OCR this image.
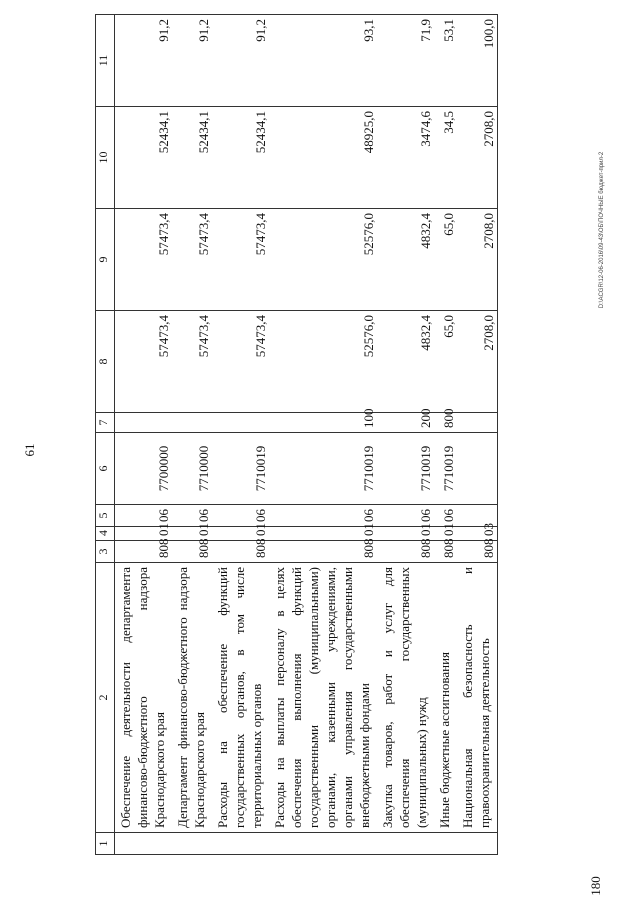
61
180
D:\ACGR\12-06-2016\09-43\ОБ\ПОЧНЫЕ бюджет-прил-2
1	2	3	4	5	6	7	8	9	10	11
	Обеспечение деятельности департамента финансово-бюджетного надзора Краснодарского края	808	01	06	7700000		57473,4	57473,4	52434,1	91,2
	Департамент финансово-бюджетного надзора Краснодарского края	808	01	06	7710000		57473,4	57473,4	52434,1	91,2
	Расходы на обеспечение функций государственных органов, в том числе территориальных органов	808	01	06	7710019		57473,4	57473,4	52434,1	91,2
	Расходы на выплаты персоналу в целях обеспечения выполнения функций государственными (муниципальными) органами, казенными учреждениями, органами управления государственными внебюджетными фондами	808	01	06	7710019	100	52576,0	52576,0	48925,0	93,1
	Закупка товаров, работ и услуг для обеспечения государственных (муниципальных) нужд	808	01	06	7710019	200	4832,4	4832,4	3474,6	71,9
	Иные бюджетные ассигнования	808	01	06	7710019	800	65,0	65,0	34,5	53,1
	Национальная безопасность и правоохранительная деятельность	808	03				2708,0	2708,0	2708,0	100,0
